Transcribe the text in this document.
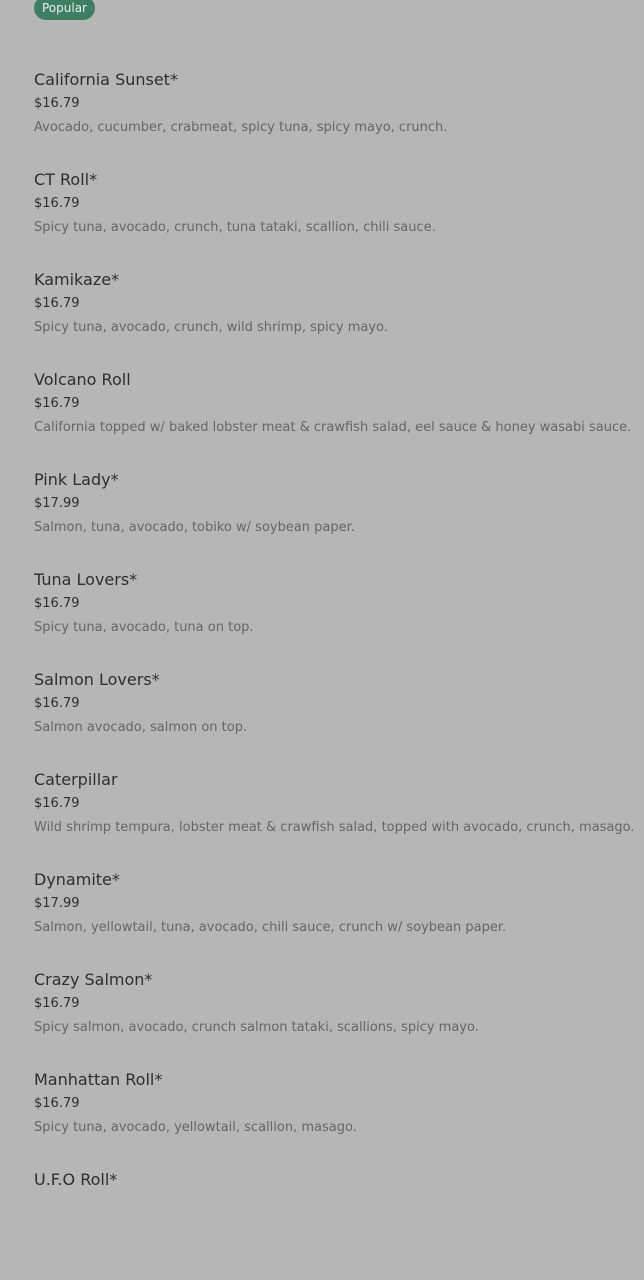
Popular
California Sunset*
$16.79
Avocado, cucumber, crabmeat, spicy tuna, spicy mayo, crunch.
CT Roll*
$16.79
Spicy tuna, avocado, crunch, tuna tataki, scallion, chili sauce.
Kamikaze*
$16.79
Spicy tuna, avocado, crunch, wild shrimp, spicy mayo.
Volcano Roll
$16.79
California topped w/ baked lobster meat & crawfish salad, eel sauce & honey wasabi sauce.
Pink Lady*
$17.99
Salmon, tuna, avocado, tobiko w/ soybean paper.
Tuna Lovers*
$16.79
Spicy tuna, avocado, tuna on top.
Salmon Lovers*
$16.79
Salmon avocado, salmon on top.
Caterpillar
$16.79
Wild shrimp tempura, lobster meat & crawfish salad, topped with avocado, crunch, masago.
Dynamite*
$17.99
Salmon, yellowtail, tuna, avocado, chili sauce, crunch w/ soybean paper.
Crazy Salmon*
$16.79
Spicy salmon, avocado, crunch salmon tataki, scallions, spicy mayo.
Manhattan Roll*
$16.79
Spicy tuna, avocado, yellowtail, scallion, masago.
U.F.O Roll*
